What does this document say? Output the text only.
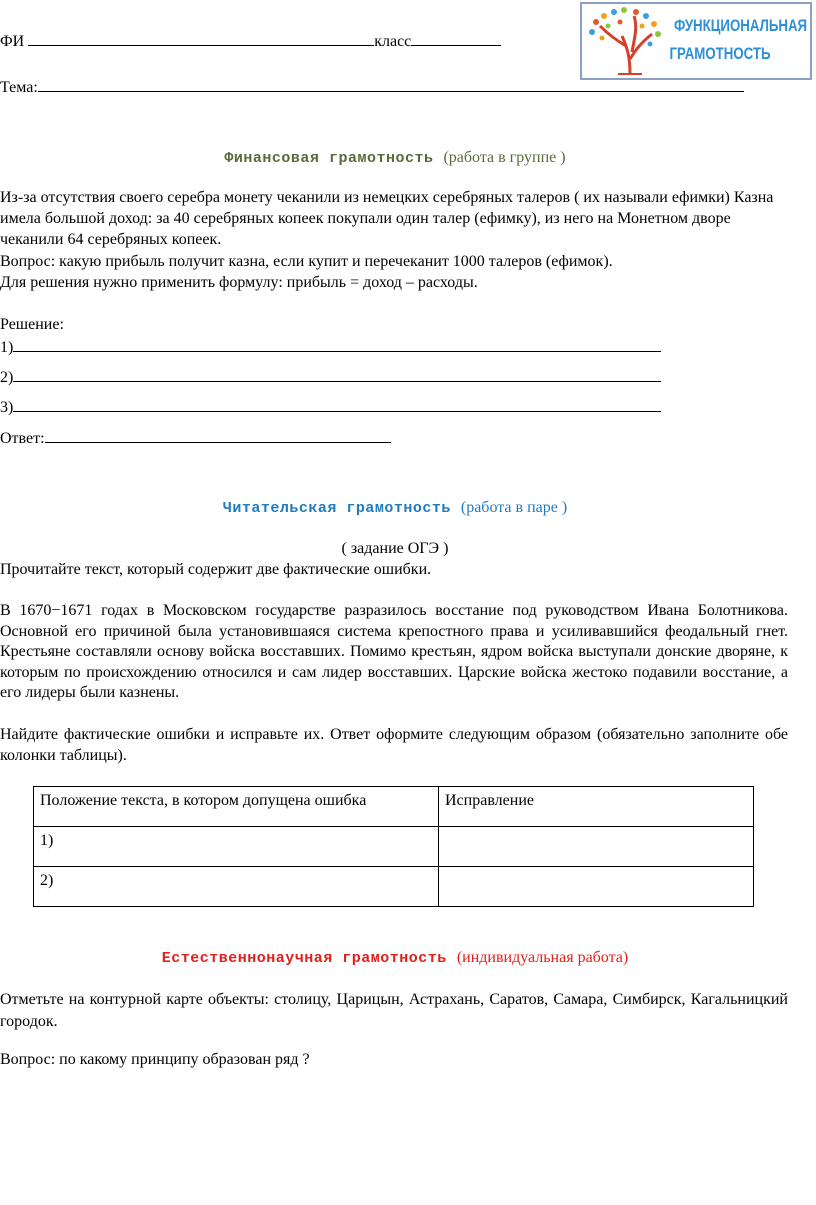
ФИ	класс
Тема:
ФУНКЦИОНАЛЬНАЯ
ГРАМОТНОСТЬ
Финансовая грамотность (работа в группе )

Из-за отсутствия своего серебра монету чеканили из немецких серебряных талеров ( их называли ефимки) Казна имела большой доход: за 40 серебряных копеек покупали один талер (ефимку), из него на Монетном дворе чеканили 64 серебряных копеек.

Вопрос: какую прибыль получит казна, если купит и перечеканит 1000 талеров (ефимок).

Для решения нужно применить формулу: прибыль = доход – расходы.

Решение:
1)
2)
3)
Ответ:
Читательская грамотность (работа в паре )
( задание ОГЭ )

Прочитайте текст, который содержит две фактические ошибки.

В 1670−1671 годах в Московском государстве разразилось восстание под руководством Ивана Болотникова. Основной его причиной была установившаяся система крепостного права и усиливавшийся феодальный гнет. Крестьяне составляли основу войска восставших. Помимо крестьян, ядром войска выступали донские дворяне, к которым по происхождению относился и сам лидер восставших. Царские войска жестоко подавили восстание, а его лидеры были казнены.

Найдите фактические ошибки и исправьте их. Ответ оформите следующим образом (обязательно заполните обе колонки таблицы).

Положение текста, в котором допущена ошибка	Исправление
1)	
2)	
Естественнонаучная грамотность (индивидуальная работа)

Отметьте на контурной карте объекты: столицу, Царицын, Астрахань, Саратов, Самара, Симбирск, Кагальницкий городок.

Вопрос: по какому принципу образован ряд ?
